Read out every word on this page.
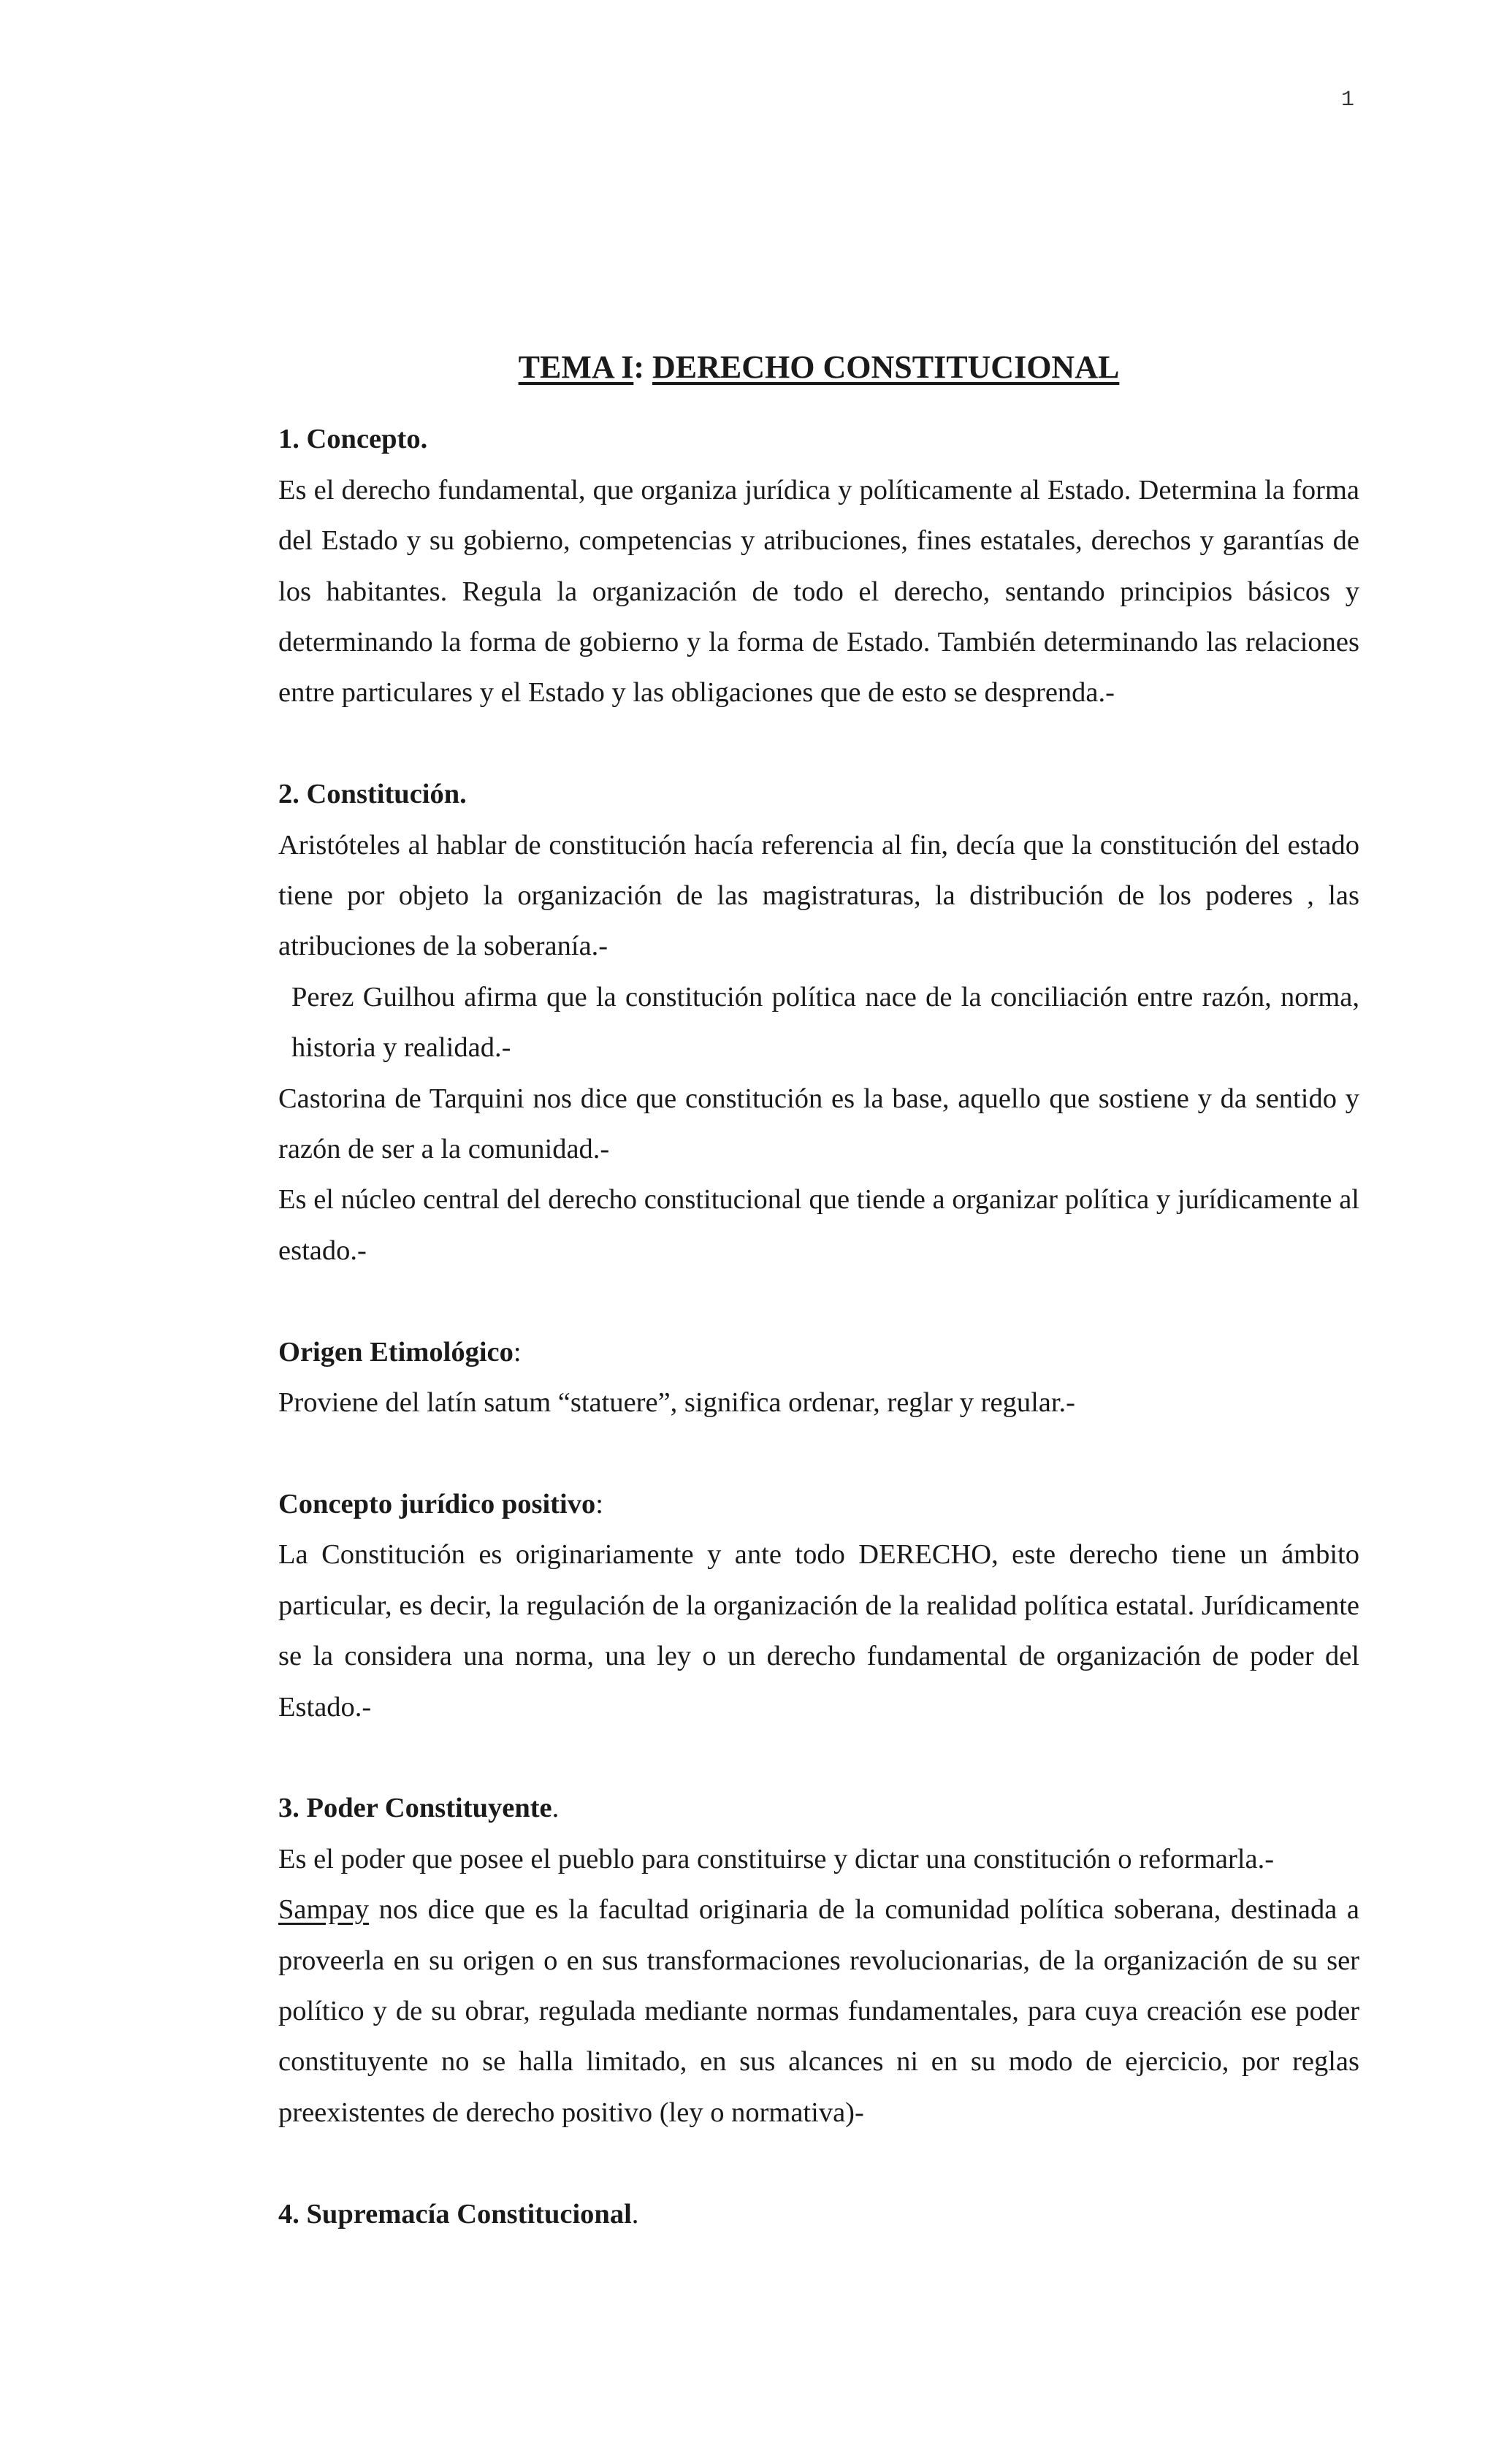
1
TEMA I: DERECHO CONSTITUCIONAL
1. Concepto.

Es el derecho fundamental, que organiza jurídica y políticamente al Estado. Determina la forma del Estado y su gobierno, competencias y atribuciones, fines estatales, derechos y garantías de los habitantes. Regula la organización de todo el derecho, sentando principios básicos y determinando la forma de gobierno y la forma de Estado. También determinando las relaciones entre particulares y el Estado y las obligaciones que de esto se desprenda.-

2. Constitución.

Aristóteles al hablar de constitución hacía referencia al fin, decía que la constitución del estado tiene por objeto la organización de las magistraturas, la distribución de los poderes , las atribuciones de la soberanía.-

Perez Guilhou afirma que la constitución política nace de la conciliación entre razón, norma, historia y realidad.-

Castorina de Tarquini nos dice que constitución es la base, aquello que sostiene y da sentido y razón de ser a la comunidad.-

Es el núcleo central del derecho constitucional que tiende a organizar política y jurídicamente al estado.-

Origen Etimológico:

Proviene del latín satum “statuere”, significa ordenar, reglar y regular.-

Concepto jurídico positivo:

La Constitución es originariamente y ante todo DERECHO, este derecho tiene un ámbito particular, es decir, la regulación de la organización de la realidad política estatal. Jurídicamente se la considera una norma, una ley o un derecho fundamental de organización de poder del Estado.-

3. Poder Constituyente.

Es el poder que posee el pueblo para constituirse y dictar una constitución o reformarla.-

Sampay nos dice que es la facultad originaria de la comunidad política soberana, destinada a proveerla en su origen o en sus transformaciones revolucionarias, de la organización de su ser político y de su obrar, regulada mediante normas fundamentales, para cuya creación ese poder constituyente no se halla limitado, en sus alcances ni en su modo de ejercicio, por reglas preexistentes de derecho positivo (ley o normativa)-

4. Supremacía Constitucional.
